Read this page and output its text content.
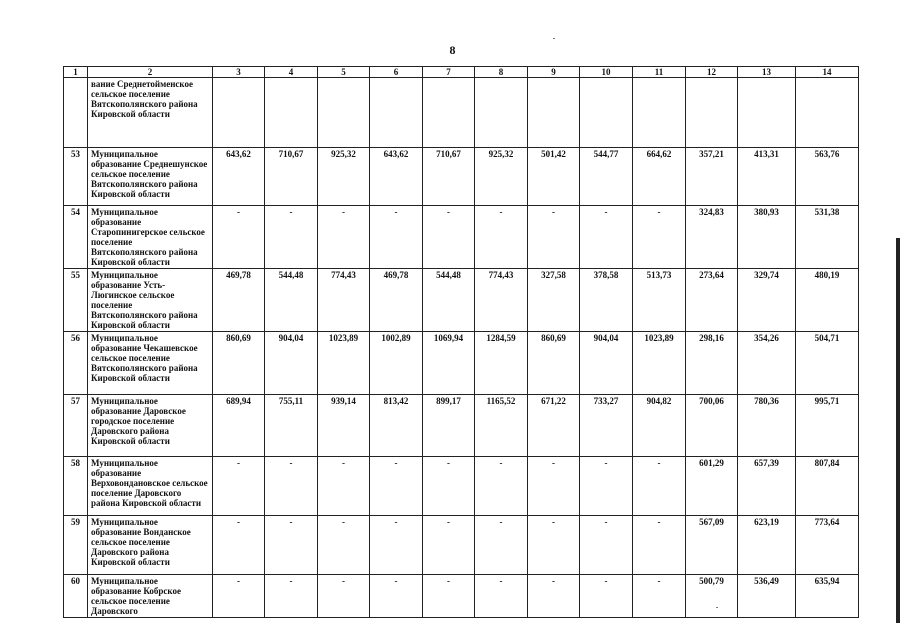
8
1	2	3	4	5	6	7	8	9	10	11	12	13	14
	вание Среднетойменское сельское поселение Вятскополянского района Кировской области												
53	Муниципальное образование Среднешунское сельское поселение Вятскополянского района Кировской области	643,62	710,67	925,32	643,62	710,67	925,32	501,42	544,77	664,62	357,21	413,31	563,76
54	Муниципальное образование Старопинигерское сельское поселение Вятскополянского района Кировской области	-	-	-	-	-	-	-	-	-	324,83	380,93	531,38
55	Муниципальное образование Усть-Люгинское сельское поселение Вятскополянского района Кировской области	469,78	544,48	774,43	469,78	544,48	774,43	327,58	378,58	513,73	273,64	329,74	480,19
56	Муниципальное образование Чекашевское сельское поселение Вятскополянского района Кировской области	860,69	904,04	1023,89	1002,89	1069,94	1284,59	860,69	904,04	1023,89	298,16	354,26	504,71
57	Муниципальное образование Даровское городское поселение Даровского района Кировской области	689,94	755,11	939,14	813,42	899,17	1165,52	671,22	733,27	904,82	700,06	780,36	995,71
58	Муниципальное образование Верховондановское сельское поселение Даровского района Кировской области	-	-	-	-	-	-	-	-	-	601,29	657,39	807,84
59	Муниципальное образование Вонданское сельское поселение Даровского района Кировской области	-	-	-	-	-	-	-	-	-	567,09	623,19	773,64
60	Муниципальное образование Кобрское сельское поселение Даровского	-	-	-	-	-	-	-	-	-	500,79	536,49	635,94
